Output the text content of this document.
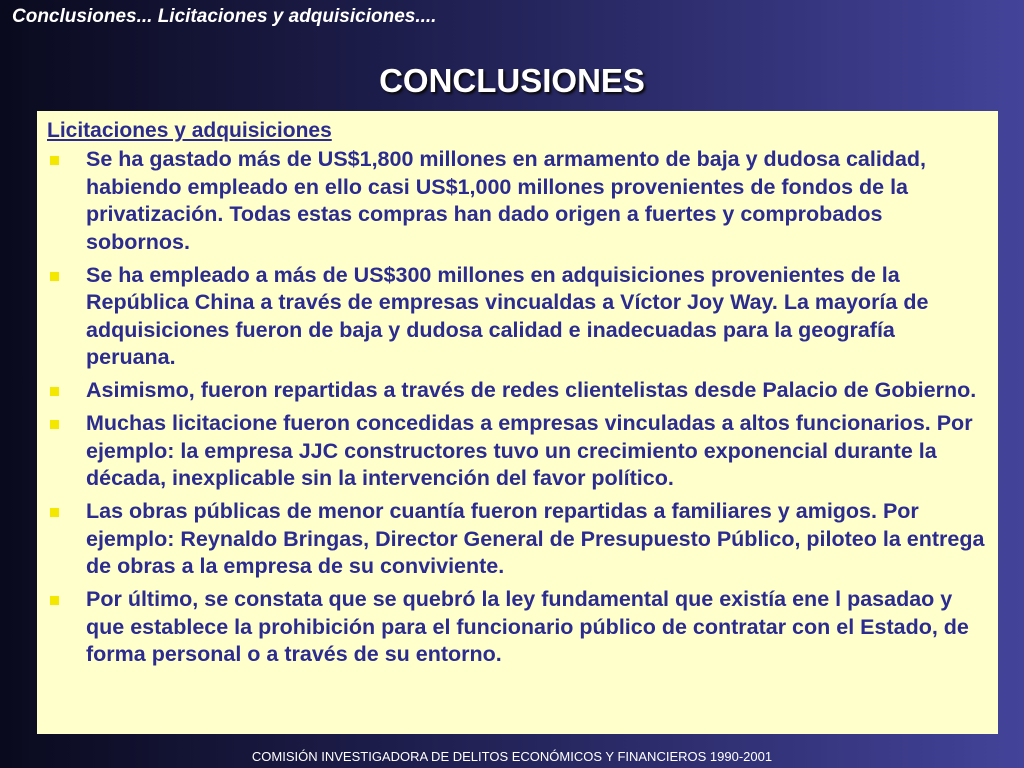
Conclusiones... Licitaciones y adquisiciones....
CONCLUSIONES
Licitaciones y adquisiciones
Se ha gastado más de US$1,800 millones en armamento de baja y dudosa calidad, habiendo empleado en ello casi US$1,000 millones provenientes de fondos de la privatización. Todas estas compras han dado origen a fuertes y comprobados sobornos.
Se ha empleado a más de US$300 millones en adquisiciones provenientes de la República China a través de empresas vincualdas a Víctor Joy Way. La mayoría de adquisiciones fueron de baja y dudosa calidad e inadecuadas para la geografía peruana.
Asimismo, fueron repartidas a través de redes clientelistas desde Palacio de Gobierno.
Muchas licitacione fueron concedidas a empresas vinculadas a altos funcionarios. Por ejemplo: la empresa JJC constructores tuvo un crecimiento exponencial durante la década, inexplicable sin la intervención del favor político.
Las obras públicas de menor cuantía fueron repartidas a familiares y amigos. Por ejemplo: Reynaldo Bringas, Director General de Presupuesto Público, piloteo la entrega de obras a la empresa de su conviviente.
Por último, se constata que se quebró la ley fundamental que existía ene l pasadao y que establece la prohibición para el funcionario público de contratar con el Estado, de forma personal o a través de su entorno.
COMISIÓN INVESTIGADORA DE DELITOS ECONÓMICOS Y FINANCIEROS 1990-2001
